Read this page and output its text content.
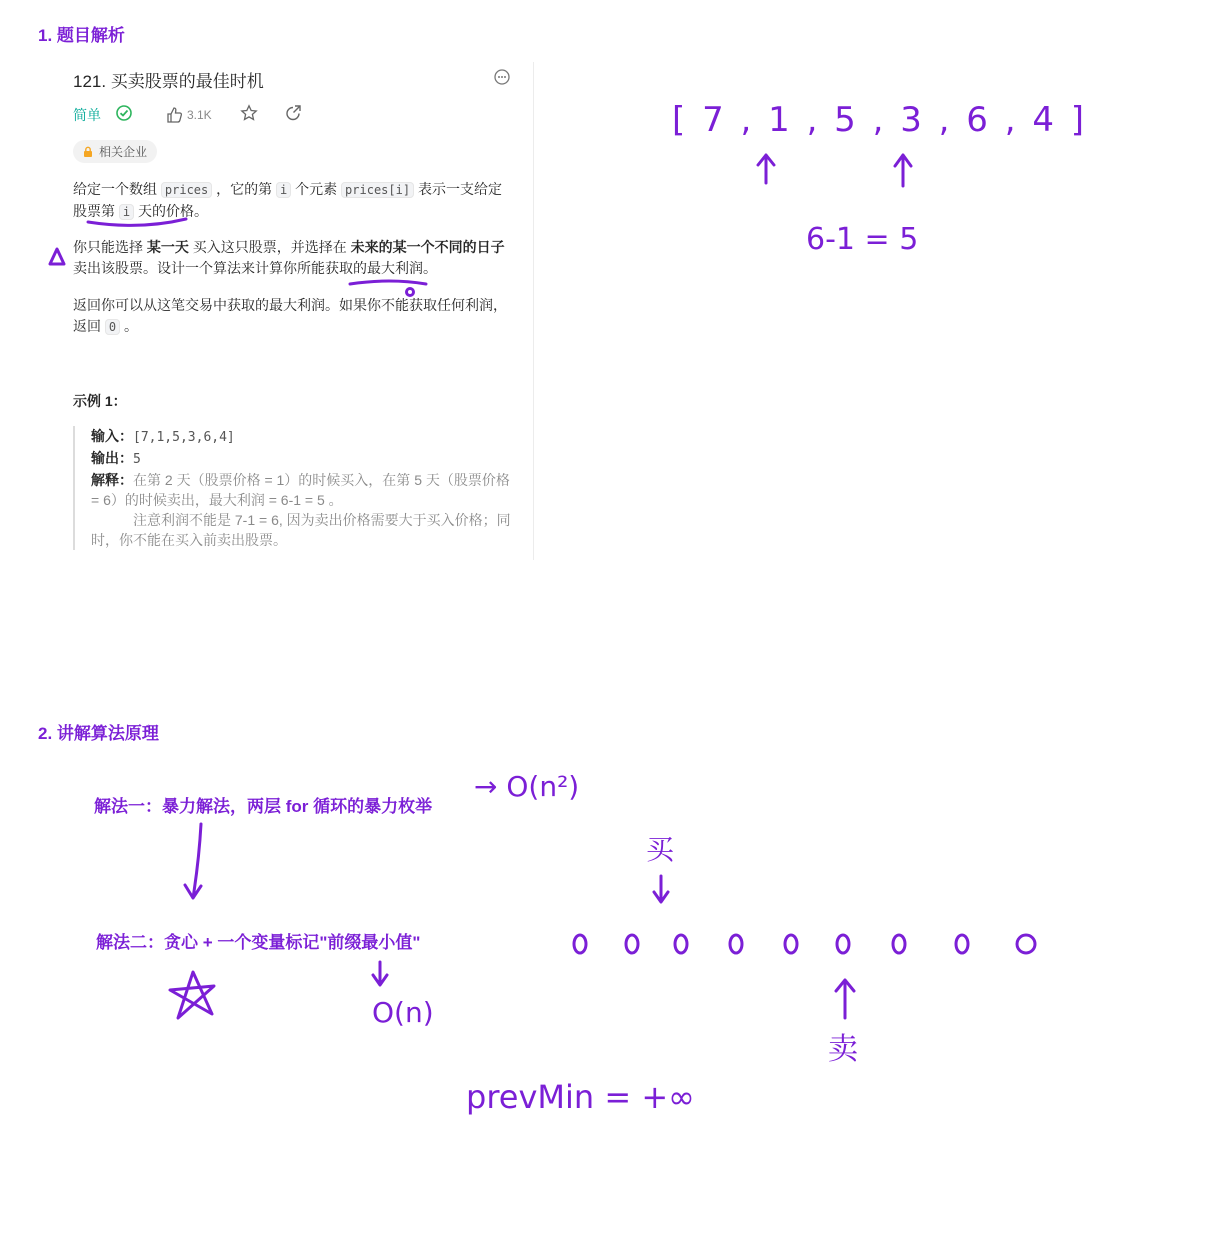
1. 题目解析
121. 买卖股票的最佳时机
简单	3.1K
相关企业
给定一个数组 prices ，它的第 i 个元素 prices[i] 表示一支给定股票第 i 天的价格。
你只能选择 某一天 买入这只股票，并选择在 未来的某一个不同的日子 卖出该股票。设计一个算法来计算你所能获取的最大利润。
返回你可以从这笔交易中获取的最大利润。如果你不能获取任何利润，返回 0 。
示例 1：
输入：[7,1,5,3,6,4]
输出：5
解释：在第 2 天（股票价格 = 1）的时候买入，在第 5 天（股票价格 = 6）的时候卖出，最大利润 = 6-1 = 5 。
注意利润不能是 7-1 = 6, 因为卖出价格需要大于买入价格；同时，你不能在买入前卖出股票。
2. 讲解算法原理
解法一：暴力解法，两层 for 循环的暴力枚举
解法二：贪心 + 一个变量标记"前缀最小值"
[ 7 , 1 , 5 , 3 , 6 , 4 ]
6-1 = 5
→ O(n²)
O(n)
买
卖
prevMin = +∞
